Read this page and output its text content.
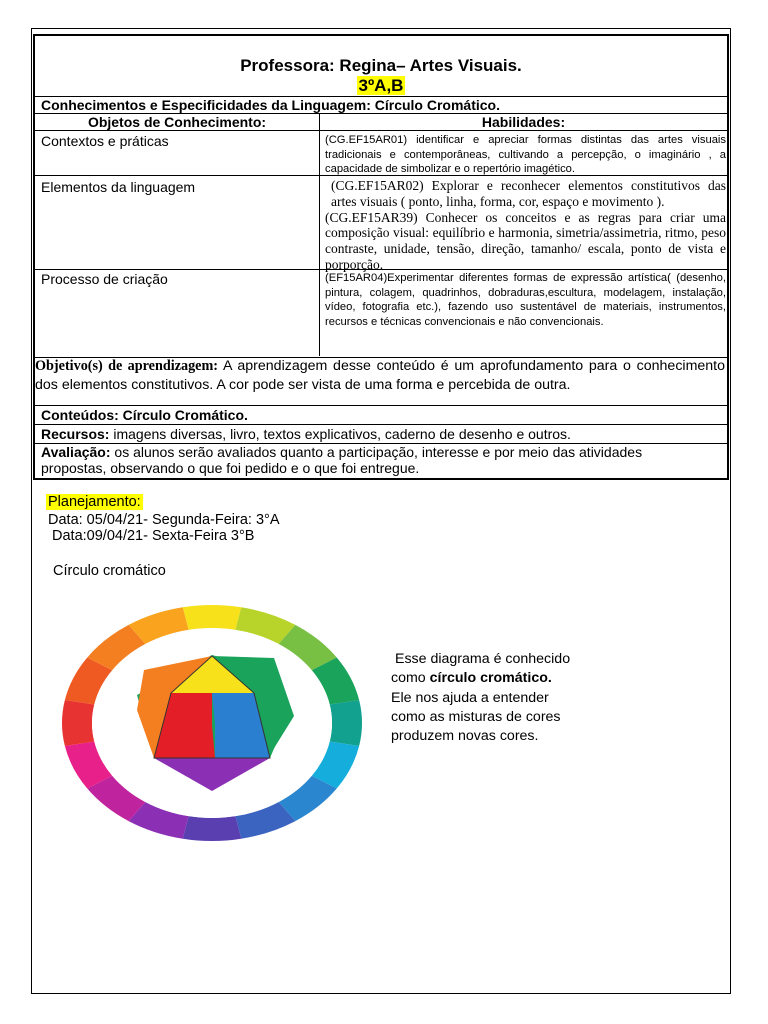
Professora: Regina– Artes Visuais.
3ºA,B
Conhecimentos e Especificidades da Linguagem: Círculo Cromático.
Objetos de Conhecimento:	Habilidades:
Contextos e práticas	(CG.EF15AR01) identificar e apreciar formas distintas das artes visuais tradicionais e contemporâneas, cultivando a percepção, o imaginário , a capacidade de simbolizar e o repertório imagético.
Elementos da linguagem	(CG.EF15AR02) Explorar e reconhecer elementos constitutivos das artes visuais ( ponto, linha, forma, cor, espaço e movimento ).
(CG.EF15AR39) Conhecer os conceitos e as regras para criar uma composição visual: equilíbrio e harmonia, simetria/assimetria, ritmo, peso contraste, unidade, tensão, direção, tamanho/ escala, ponto de vista e porporção.
Processo de criação	(EF15AR04)Experimentar diferentes formas de expressão artística( (desenho, pintura, colagem, quadrinhos, dobraduras,escultura, modelagem, instalação, vídeo, fotografia etc.), fazendo uso sustentável de materiais, instrumentos, recursos e técnicas convencionais e não convencionais.
Objetivo(s) de aprendizagem: A aprendizagem desse conteúdo é um aprofundamento para o conhecimento dos elementos constitutivos. A cor pode ser vista de uma forma e percebida de outra.
Conteúdos: Círculo Cromático.
Recursos: imagens diversas, livro, textos explicativos, caderno de desenho e outros.
Avaliação: os alunos serão avaliados quanto a participação, interesse e por meio das atividades propostas, observando o que foi pedido e o que foi entregue.
Planejamento:
Data: 05/04/21- Segunda-Feira: 3°A
Data:09/04/21- Sexta-Feira 3°B
Círculo cromático
Esse diagrama é conhecido como círculo cromático. Ele nos ajuda a entender como as misturas de cores produzem novas cores.
